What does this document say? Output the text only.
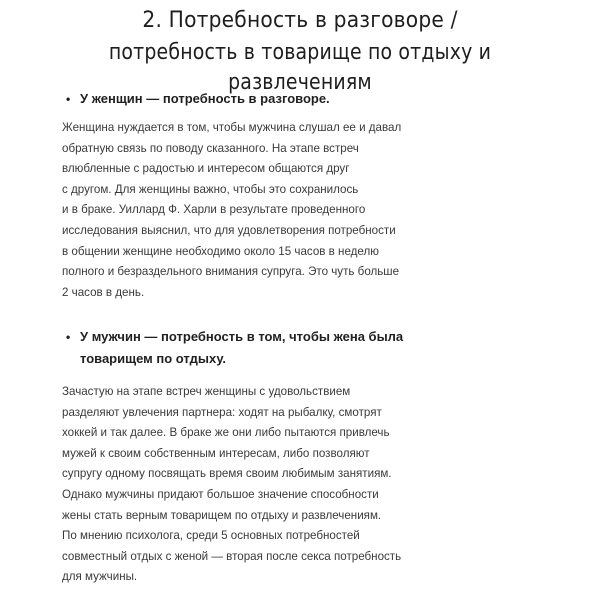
2. Потребность в разговоре /
потребность в товарище по отдыху и развлечениям
• У женщин — потребность в разговоре.
Женщина нуждается в том, чтобы мужчина слушал ее и давал
обратную связь по поводу сказанного. На этапе встреч
влюбленные с радостью и интересом общаются друг
с другом. Для женщины важно, чтобы это сохранилось
и в браке. Уиллард Ф. Харли в результате проведенного
исследования выяснил, что для удовлетворения потребности
в общении женщине необходимо около 15 часов в неделю
полного и безраздельного внимания супруга. Это чуть больше
2 часов в день.
• У мужчин — потребность в том, чтобы жена была
товарищем по отдыху.
Зачастую на этапе встреч женщины с удовольствием
разделяют увлечения партнера: ходят на рыбалку, смотрят
хоккей и так далее. В браке же они либо пытаются привлечь
мужей к своим собственным интересам, либо позволяют
супругу одному посвящать время своим любимым занятиям.
Однако мужчины придают большое значение способности
жены стать верным товарищем по отдыху и развлечениям.
По мнению психолога, среди 5 основных потребностей
совместный отдых с женой — вторая после секса потребность
для мужчины.
